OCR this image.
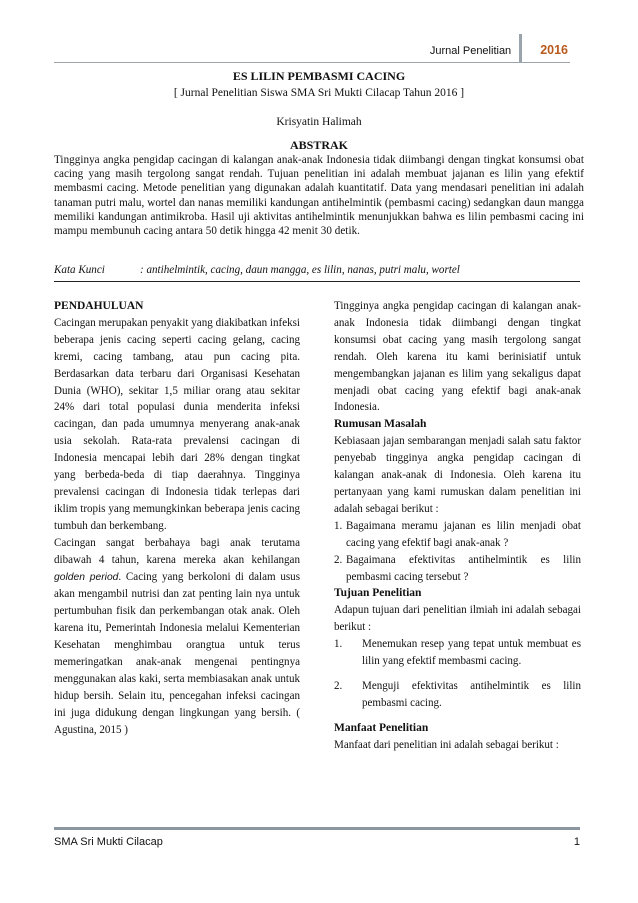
Jurnal Penelitian	2016
ES LILIN PEMBASMI CACING
[ Jurnal Penelitian Siswa SMA Sri Mukti Cilacap Tahun 2016 ]
Krisyatin Halimah
ABSTRAK
Tingginya angka pengidap cacingan di kalangan anak-anak Indonesia tidak diimbangi dengan tingkat konsumsi obat cacing yang masih tergolong sangat rendah. Tujuan penelitian ini adalah membuat jajanan es lilin yang efektif membasmi cacing. Metode penelitian yang digunakan adalah kuantitatif. Data yang mendasari penelitian ini adalah tanaman putri malu, wortel dan nanas memiliki kandungan antihelmintik (pembasmi cacing) sedangkan daun mangga memiliki kandungan antimikroba. Hasil uji aktivitas antihelmintik menunjukkan bahwa es lilin pembasmi cacing ini mampu membunuh cacing antara 50 detik hingga 42 menit 30 detik.
Kata Kunci	: antihelmintik, cacing, daun mangga, es lilin, nanas, putri malu, wortel
PENDAHULUAN

Cacingan merupakan penyakit yang diakibatkan infeksi beberapa jenis cacing seperti cacing gelang, cacing kremi, cacing tambang, atau pun cacing pita. Berdasarkan data terbaru dari Organisasi Kesehatan Dunia (WHO), sekitar 1,5 miliar orang atau sekitar 24% dari total populasi dunia menderita infeksi cacingan, dan pada umumnya menyerang anak-anak usia sekolah. Rata-rata prevalensi cacingan di Indonesia mencapai lebih dari 28% dengan tingkat yang berbeda-beda di tiap daerahnya. Tingginya prevalensi cacingan di Indonesia tidak terlepas dari iklim tropis yang memungkinkan beberapa jenis cacing tumbuh dan berkembang.

Cacingan sangat berbahaya bagi anak terutama dibawah 4 tahun, karena mereka akan kehilangan golden period. Cacing yang berkoloni di dalam usus akan mengambil nutrisi dan zat penting lain nya untuk pertumbuhan fisik dan perkembangan otak anak. Oleh karena itu, Pemerintah Indonesia melalui Kementerian Kesehatan menghimbau orangtua untuk terus memeringatkan anak-anak mengenai pentingnya menggunakan alas kaki, serta membiasakan anak untuk hidup bersih. Selain itu, pencegahan infeksi cacingan ini juga didukung dengan lingkungan yang bersih. ( Agustina, 2015 )

Tingginya angka pengidap cacingan di kalangan anak-anak Indonesia tidak diimbangi dengan tingkat konsumsi obat cacing yang masih tergolong sangat rendah. Oleh karena itu kami berinisiatif untuk mengembangkan jajanan es lilim yang sekaligus dapat menjadi obat cacing yang efektif bagi anak-anak Indonesia.

Rumusan Masalah

Kebiasaan jajan sembarangan menjadi salah satu faktor penyebab tingginya angka pengidap cacingan di kalangan anak-anak di Indonesia. Oleh karena itu pertanyaan yang kami rumuskan dalam penelitian ini adalah sebagai berikut :

1. Bagaimana meramu jajanan es lilin menjadi obat cacing yang efektif bagi anak-anak ?
2. Bagaimana efektivitas antihelmintik es lilin pembasmi cacing tersebut ?
Tujuan Penelitian

Adapun tujuan dari penelitian ilmiah ini adalah sebagai berikut :

1.	Menemukan resep yang tepat untuk membuat es lilin yang efektif membasmi cacing.
2.	Menguji efektivitas antihelmintik es lilin pembasmi cacing.
Manfaat Penelitian

Manfaat dari penelitian ini adalah sebagai berikut :

SMA Sri Mukti Cilacap	1
